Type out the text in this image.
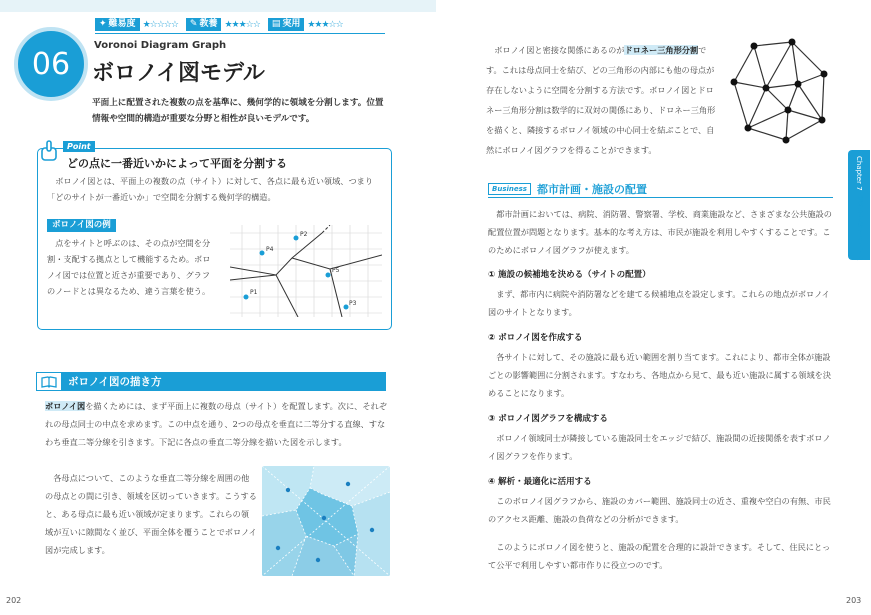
✦ 難易度 ★☆☆☆☆ ✎ 教養 ★★★☆☆ ▤ 実用 ★★★☆☆
06
Voronoi Diagram Graph
ボロノイ図モデル
平面上に配置された複数の点を基準に、幾何学的に領域を分割します。位置情報や空間的構造が重要な分野と相性が良いモデルです。
Point
どの点に一番近いかによって平面を分割する
ボロノイ図とは、平面上の複数の点（サイト）に対して、各点に最も近い領域、つまり「どのサイトが一番近いか」で空間を分割する幾何学的構造。
ボロノイ図の例
点をサイトと呼ぶのは、その点が空間を分割・支配する拠点として機能するため。ボロノイ図では位置と近さが重要であり、グラフのノードとは異なるため、違う言葉を使う。
P4
P2
P5
P1
P3
ボロノイ図の描き方
ボロノイ図を描くためには、まず平面上に複数の母点（サイト）を配置します。次に、それぞれの母点同士の中点を求めます。この中点を通り、2つの母点を垂直に二等分する直線、すなわち垂直二等分線を引きます。下記に各点の垂直二等分線を描いた図を示します。
各母点について、このような垂直二等分線を周囲の他の母点との間に引き、領域を区切っていきます。こうすると、ある母点に最も近い領域が定まります。これらの領域が互いに隙間なく並び、平面全体を覆うことでボロノイ図が完成します。
202
ボロノイ図と密接な関係にあるのがドロネー三角形分割です。これは母点同士を結び、どの三角形の内部にも他の母点が存在しないように空間を分割する方法です。ボロノイ図とドロネー三角形分割は数学的に双対の関係にあり、ドロネー三角形を描くと、隣接するボロノイ領域の中心同士を結ぶことで、自然にボロノイ図グラフを得ることができます。
Chapter 7
構造を記述するモデル
Business 都市計画・施設の配置
都市計画においては、病院、消防署、警察署、学校、商業施設など、さまざまな公共施設の配置位置が問題となります。基本的な考え方は、市民が施設を利用しやすくすることです。このためにボロノイ図グラフが使えます。
① 施設の候補地を決める（サイトの配置）
まず、都市内に病院や消防署などを建てる候補地点を設定します。これらの地点がボロノイ図のサイトとなります。
② ボロノイ図を作成する
各サイトに対して、その施設に最も近い範囲を割り当てます。これにより、都市全体が施設ごとの影響範囲に分割されます。すなわち、各地点から見て、最も近い施設に属する領域を決めることになります。
③ ボロノイ図グラフを構成する
ボロノイ領域同士が隣接している施設同士をエッジで結び、施設間の近接関係を表すボロノイ図グラフを作ります。
④ 解析・最適化に活用する
このボロノイ図グラフから、施設のカバー範囲、施設同士の近さ、重複や空白の有無、市民のアクセス距離、施設の負荷などの分析ができます。
このようにボロノイ図を使うと、施設の配置を合理的に設計できます。そして、住民にとって公平で利用しやすい都市作りに役立つのです。
203
